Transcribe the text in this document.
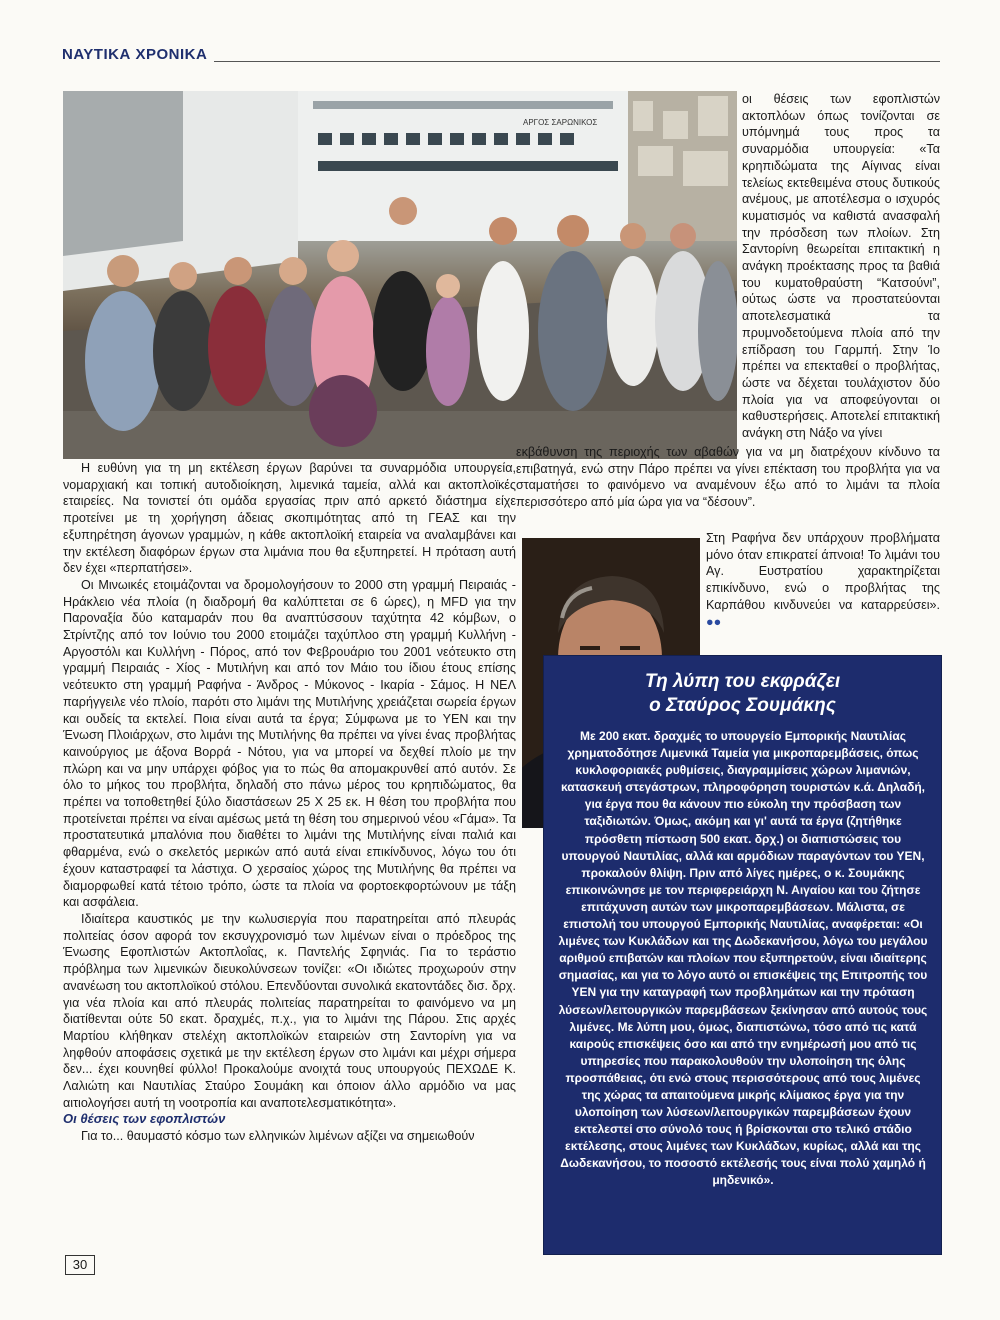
ΝΑΥΤΙΚΑ ΧΡΟΝΙΚΑ
ΑΡΓΟΣ ΣΑΡΩΝΙΚΟΣ

οι θέσεις των εφοπλιστών ακτοπλόων όπως τονίζονται σε υπόμνημά τους προς τα συναρμόδια υπουργεία: «Τα κρηπιδώματα της Αίγινας είναι τελείως εκτεθειμένα στους δυτικούς ανέμους, με αποτέλεσμα ο ισχυρός κυματισμός να καθιστά ανασφαλή την πρόσδεση των πλοίων. Στη Σαντορίνη θεωρείται επιτακτική η ανάγκη προέκτασης προς τα βαθιά του κυματοθραύστη “Κατσούνι”, ούτως ώστε να προστατεύονται αποτελεσματικά τα πρυμνοδετούμενα πλοία από την επίδραση του Γαρμπή. Στην Ίο πρέπει να επεκταθεί ο προβλήτας, ώστε να δέχεται τουλάχιστον δύο πλοία για να αποφεύγονται οι καθυστερήσεις. Αποτελεί επιτακτική ανάγκη στη Νάξο να γίνει

εκβάθυνση της περιοχής των αβαθών για να μη διατρέχουν κίνδυνο τα επιβατηγά, ενώ στην Πάρο πρέπει να γίνει επέκταση του προβλήτα για να σταματήσει το φαινόμενο να αναμένουν έξω από το λιμάνι τα πλοία περισσότερο από μία ώρα για να “δέσουν”.

Στη Ραφήνα δεν υπάρχουν προβλήματα μόνο όταν επικρατεί άπνοια! Το λιμάνι του Αγ. Ευστρατίου χαρακτηρίζεται επικίνδυνο, ενώ ο προβλήτας της Καρπάθου κινδυνεύει να καταρρεύσει». ●●

Η ευθύνη για τη μη εκτέλεση έργων βαρύνει τα συναρμόδια υπουργεία, νομαρχιακή και τοπική αυτοδιοίκηση, λιμενικά ταμεία, αλλά και ακτοπλοϊκές εταιρείες. Να τονιστεί ότι ομάδα εργασίας πριν από αρκετό διάστημα είχε προτείνει με τη χορήγηση άδειας σκοπιμότητας από τη ΓΕΑΣ και την εξυπηρέτηση άγονων γραμμών, η κάθε ακτοπλοϊκή εταιρεία να αναλαμβάνει και την εκτέλεση διαφόρων έργων στα λιμάνια που θα εξυπηρετεί. Η πρόταση αυτή δεν έχει «περπατήσει».

Οι Μινωικές ετοιμάζονται να δρομολογήσουν το 2000 στη γραμμή Πειραιάς - Ηράκλειο νέα πλοία (η διαδρομή θα καλύπτεται σε 6 ώρες), η MFD για την Παροναξία δύο καταμαράν που θα αναπτύσσουν ταχύτητα 42 κόμβων, ο Στρίντζης από τον Ιούνιο του 2000 ετοιμάζει ταχύπλοο στη γραμμή Κυλλήνη - Αργοστόλι και Κυλλήνη - Πόρος, από τον Φεβρουάριο του 2001 νεότευκτο στη γραμμή Πειραιάς - Χίος - Μυτιλήνη και από τον Μάιο του ίδιου έτους επίσης νεότευκτο στη γραμμή Ραφήνα - Άνδρος - Μύκονος - Ικαρία - Σάμος. Η ΝΕΛ παρήγγειλε νέο πλοίο, παρότι στο λιμάνι της Μυτιλήνης χρειάζεται σωρεία έργων και ουδείς τα εκτελεί. Ποια είναι αυτά τα έργα; Σύμφωνα με το ΥΕΝ και την Ένωση Πλοιάρχων, στο λιμάνι της Μυτιλήνης θα πρέπει να γίνει ένας προβλήτας καινούργιος με άξονα Βορρά - Νότου, για να μπορεί να δεχθεί πλοίο με την πλώρη και να μην υπάρχει φόβος για το πώς θα απομακρυνθεί από αυτόν. Σε όλο το μήκος του προβλήτα, δηλαδή στο πάνω μέρος του κρηπιδώματος, θα πρέπει να τοποθετηθεί ξύλο διαστάσεων 25 Χ 25 εκ. Η θέση του προβλήτα που προτείνεται πρέπει να είναι αμέσως μετά τη θέση του σημερινού νέου «Γάμα». Τα προστατευτικά μπαλόνια που διαθέτει το λιμάνι της Μυτιλήνης είναι παλιά και φθαρμένα, ενώ ο σκελετός μερικών από αυτά είναι επικίνδυνος, λόγω του ότι έχουν καταστραφεί τα λάστιχα. Ο χερσαίος χώρος της Μυτιλήνης θα πρέπει να διαμορφωθεί κατά τέτοιο τρόπο, ώστε τα πλοία να φορτοεκφορτώνουν με τάξη και ασφάλεια.

Ιδιαίτερα καυστικός με την κωλυσιεργία που παρατηρείται από πλευράς πολιτείας όσον αφορά τον εκσυγχρονισμό των λιμένων είναι ο πρόεδρος της Ένωσης Εφοπλιστών Ακτοπλοΐας, κ. Παντελής Σφηνιάς. Για το τεράστιο πρόβλημα των λιμενικών διευκολύνσεων τονίζει: «Οι ιδιώτες προχωρούν στην ανανέωση του ακτοπλοϊκού στόλου. Επενδύονται συνολικά εκατοντάδες δισ. δρχ. για νέα πλοία και από πλευράς πολιτείας παρατηρείται το φαινόμενο να μη διατίθενται ούτε 50 εκατ. δραχμές, π.χ., για το λιμάνι της Πάρου. Στις αρχές Μαρτίου κλήθηκαν στελέχη ακτοπλοϊκών εταιρειών στη Σαντορίνη για να ληφθούν αποφάσεις σχετικά με την εκτέλεση έργων στο λιμάνι και μέχρι σήμερα δεν... έχει κουνηθεί φύλλο! Προκαλούμε ανοιχτά τους υπουργούς ΠΕΧΩΔΕ Κ. Λαλιώτη και Ναυτιλίας Σταύρο Σουμάκη και όποιον άλλο αρμόδιο να μας αιτιολογήσει αυτή τη νοοτροπία και αναποτελεσματικότητα».

Οι θέσεις των εφοπλιστών

Για το... θαυμαστό κόσμο των ελληνικών λιμένων αξίζει να σημειωθούν

Τη λύπη του εκφράζει
ο Σταύρος Σουμάκης
Με 200 εκατ. δραχμές το υπουργείο Εμπορικής Ναυτιλίας χρηματοδότησε Λιμενικά Ταμεία για μικροπαρεμβάσεις, όπως κυκλοφοριακές ρυθμίσεις, διαγραμμίσεις χώρων λιμανιών, κατασκευή στεγάστρων, πληροφόρηση τουριστών κ.ά. Δηλαδή, για έργα που θα κάνουν πιο εύκολη την πρόσβαση των ταξιδιωτών. Όμως, ακόμη και γι' αυτά τα έργα (ζητήθηκε πρόσθετη πίστωση 500 εκατ. δρχ.) οι διαπιστώσεις του υπουργού Ναυτιλίας, αλλά και αρμόδιων παραγόντων του ΥΕΝ, προκαλούν θλίψη. Πριν από λίγες ημέρες, ο κ. Σουμάκης επικοινώνησε με τον περιφερειάρχη Ν. Αιγαίου και του ζήτησε επιτάχυνση αυτών των μικροπαρεμβάσεων. Μάλιστα, σε επιστολή του υπουργού Εμπορικής Ναυτιλίας, αναφέρεται: «Οι λιμένες των Κυκλάδων και της Δωδεκανήσου, λόγω του μεγάλου αριθμού επιβατών και πλοίων που εξυπηρετούν, είναι ιδιαίτερης σημασίας, και για το λόγο αυτό οι επισκέψεις της Επιτροπής του ΥΕΝ για την καταγραφή των προβλημάτων και την πρόταση λύσεων/λειτουργικών παρεμβάσεων ξεκίνησαν από αυτούς τους λιμένες. Με λύπη μου, όμως, διαπιστώνω, τόσο από τις κατά καιρούς επισκέψεις όσο και από την ενημέρωσή μου από τις υπηρεσίες που παρακολουθούν την υλοποίηση της όλης προσπάθειας, ότι ενώ στους περισσότερους από τους λιμένες της χώρας τα απαιτούμενα μικρής κλίμακος έργα για την υλοποίηση των λύσεων/λειτουργικών παρεμβάσεων έχουν εκτελεστεί στο σύνολό τους ή βρίσκονται στο τελικό στάδιο εκτέλεσης, στους λιμένες των Κυκλάδων, κυρίως, αλλά και της Δωδεκανήσου, το ποσοστό εκτέλεσής τους είναι πολύ χαμηλό ή μηδενικό».
30
